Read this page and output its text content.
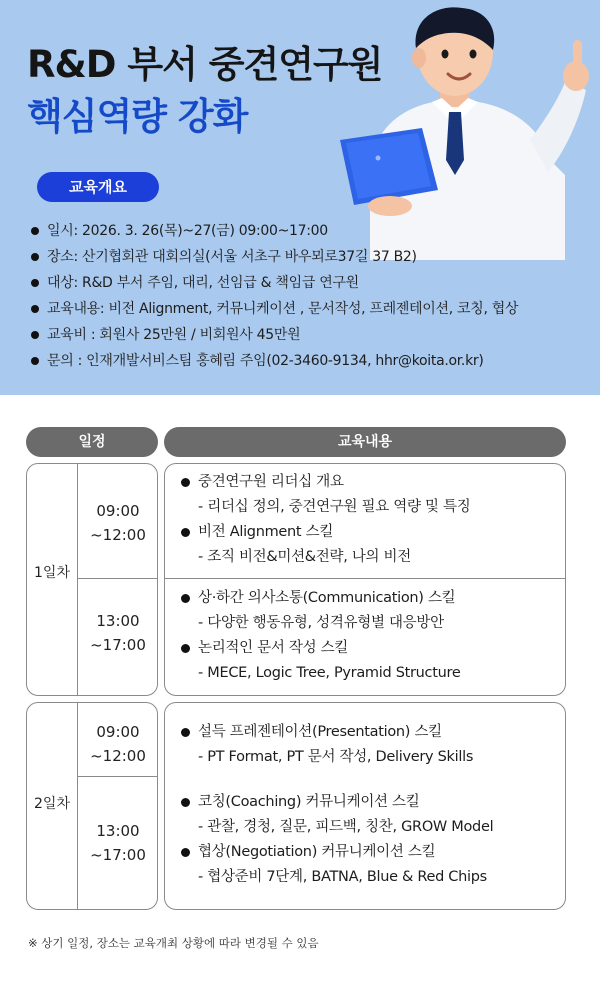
R&D 부서 중견연구원
핵심역량 강화
교육개요
일시: 2026. 3. 26(목)~27(금) 09:00~17:00
장소: 산기협회관 대회의실(서울 서초구 바우뫼로37길 37 B2)
대상: R&D 부서 주임, 대리, 선임급 & 책임급 연구원
교육내용: 비전 Alignment, 커뮤니케이션 , 문서작성, 프레젠테이션, 코칭, 협상
교육비 : 회원사 25만원 / 비회원사 45만원
문의 : 인재개발서비스팀 홍혜림 주임(02-3460-9134, hhr@koita.or.kr)
일정	교육내용
1일차
09:00
~12:00
13:00
~17:00
중견연구원 리더십 개요
- 리더십 정의, 중견연구원 필요 역량 및 특징
비전 Alignment 스킬
- 조직 비전&미션&전략, 나의 비전
상·하간 의사소통(Communication) 스킬
- 다양한 행동유형, 성격유형별 대응방안
논리적인 문서 작성 스킬
- MECE, Logic Tree, Pyramid Structure
2일차
09:00
~12:00
13:00
~17:00
설득 프레젠테이션(Presentation) 스킬
- PT Format, PT 문서 작성, Delivery Skills
코칭(Coaching) 커뮤니케이션 스킬
- 관찰, 경청, 질문, 피드백, 칭찬, GROW Model
협상(Negotiation) 커뮤니케이션 스킬
- 협상준비 7단계, BATNA, Blue & Red Chips
※ 상기 일정, 장소는 교육개최 상황에 따라 변경될 수 있음
